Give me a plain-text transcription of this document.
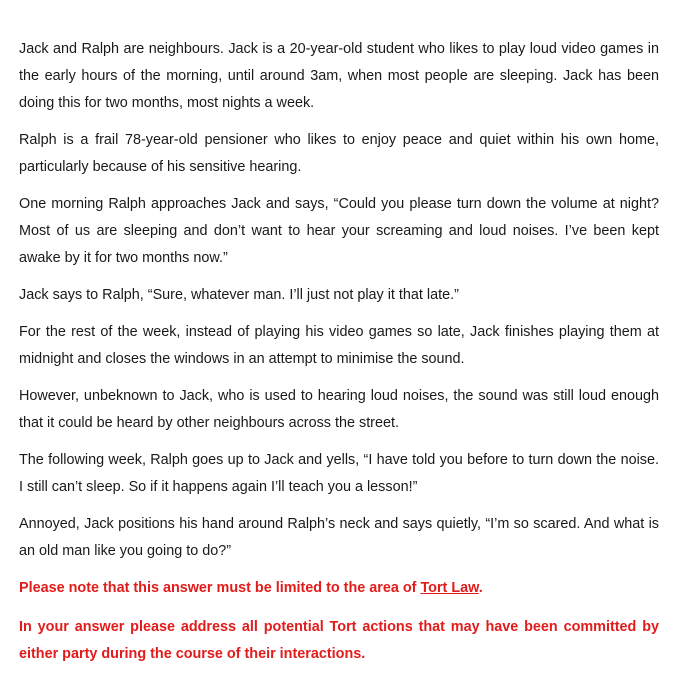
Jack and Ralph are neighbours. Jack is a 20-year-old student who likes to play loud video games in the early hours of the morning, until around 3am, when most people are sleeping. Jack has been doing this for two months, most nights a week.

Ralph is a frail 78-year-old pensioner who likes to enjoy peace and quiet within his own home, particularly because of his sensitive hearing.

One morning Ralph approaches Jack and says, “Could you please turn down the volume at night? Most of us are sleeping and don’t want to hear your screaming and loud noises. I’ve been kept awake by it for two months now.”

Jack says to Ralph, “Sure, whatever man. I’ll just not play it that late.”

For the rest of the week, instead of playing his video games so late, Jack finishes playing them at midnight and closes the windows in an attempt to minimise the sound.

However, unbeknown to Jack, who is used to hearing loud noises, the sound was still loud enough that it could be heard by other neighbours across the street.

The following week, Ralph goes up to Jack and yells, “I have told you before to turn down the noise. I still can’t sleep. So if it happens again I’ll teach you a lesson!”

Annoyed, Jack positions his hand around Ralph’s neck and says quietly, “I’m so scared. And what is an old man like you going to do?”

Please note that this answer must be limited to the area of Tort Law.

In your answer please address all potential Tort actions that may have been committed by either party during the course of their interactions.
